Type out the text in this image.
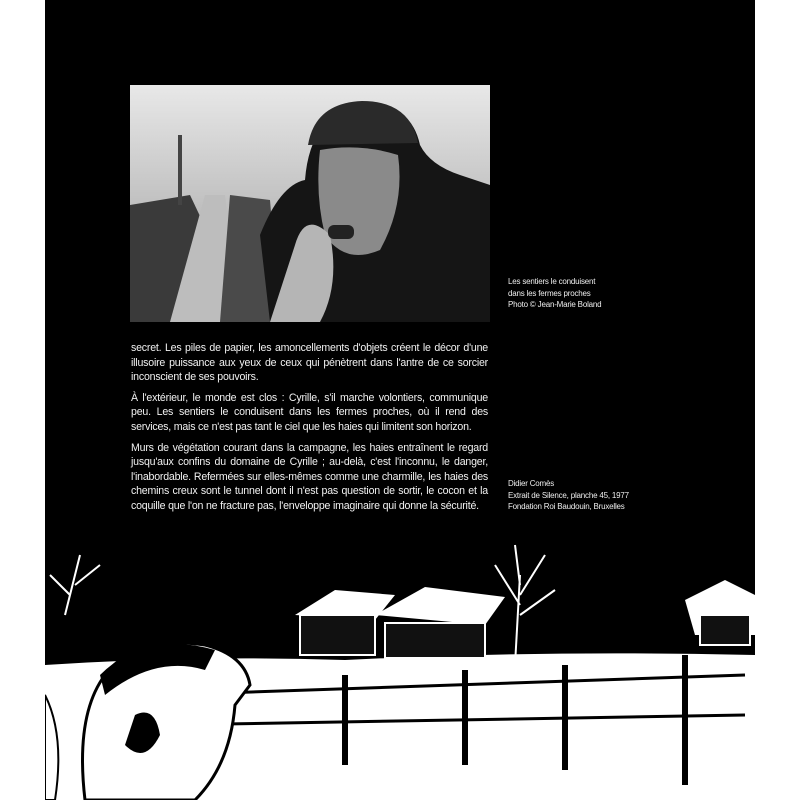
Les sentiers le conduisent
dans les fermes proches
Photo © Jean-Marie Boland

secret. Les piles de papier, les amoncellements d'objets créent le décor d'une illusoire puissance aux yeux de ceux qui pénètrent dans l'antre de ce sorcier inconscient de ses pouvoirs.

À l'extérieur, le monde est clos : Cyrille, s'il marche volontiers, communique peu. Les sentiers le conduisent dans les fermes proches, où il rend des services, mais ce n'est pas tant le ciel que les haies qui limitent son horizon.

Murs de végétation courant dans la campagne, les haies entraînent le regard jusqu'aux confins du domaine de Cyrille ; au-delà, c'est l'inconnu, le danger, l'inabordable. Refermées sur elles-mêmes comme une charmille, les haies des chemins creux sont le tunnel dont il n'est pas question de sortir, le cocon et la coquille que l'on ne fracture pas, l'enveloppe imaginaire qui donne la sécurité.

Didier Comès
Extrait de Silence, planche 45, 1977
Fondation Roi Baudouin, Bruxelles
